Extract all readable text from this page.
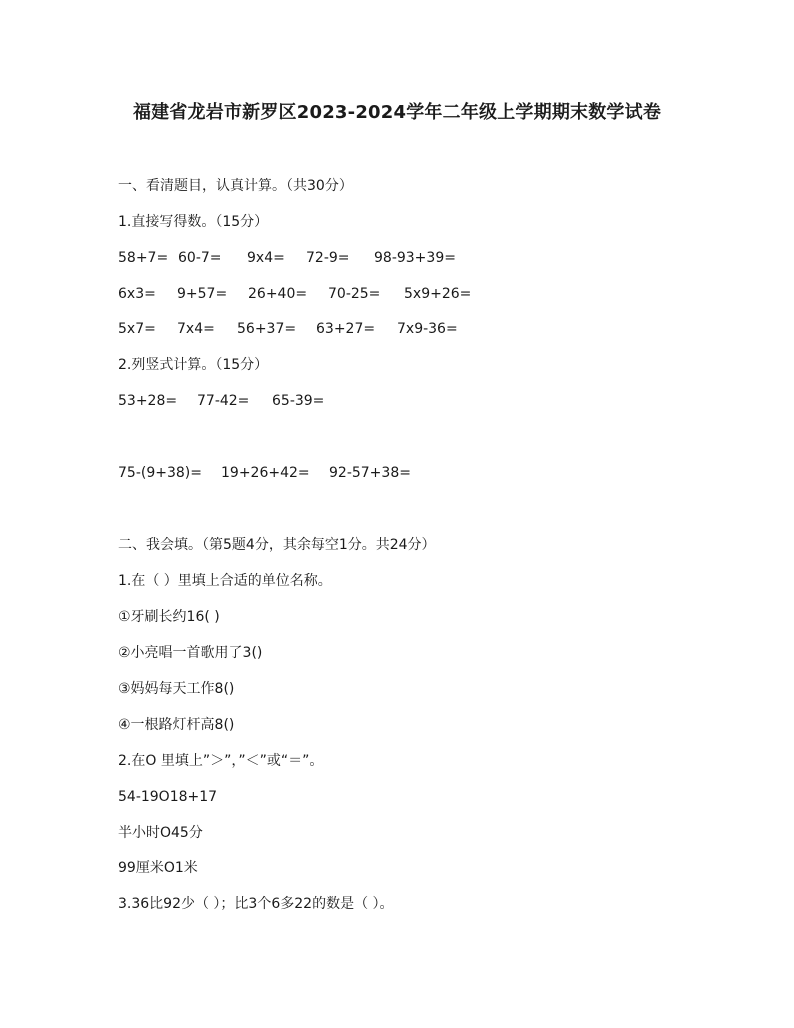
福建省龙岩市新罗区2023-2024学年二年级上学期期末数学试卷
一、看清题目，认真计算。（共30分）
1.直接写得数。（15分）
58+7= 60-7= 9x4= 72-9= 98-93+39=
6x3= 9+57= 26+40= 70-25= 5x9+26=
5x7= 7x4= 56+37= 63+27= 7x9-36=
2.列竖式计算。（15分）
53+28= 77-42= 65-39=
75-(9+38)= 19+26+42= 92-57+38=
二、我会填。（第5题4分，其余每空1分。共24分）
1.在（ ）里填上合适的单位名称。
①牙刷长约16( )
②小亮唱一首歌用了3()
③妈妈每天工作8()
④一根路灯杆高8()
2.在O 里填上”＞”，”＜”或“＝”。
54-19O18+17
半小时O45分
99厘米O1米
3.36比92少（ ）；比3个6多22的数是（ ）。
